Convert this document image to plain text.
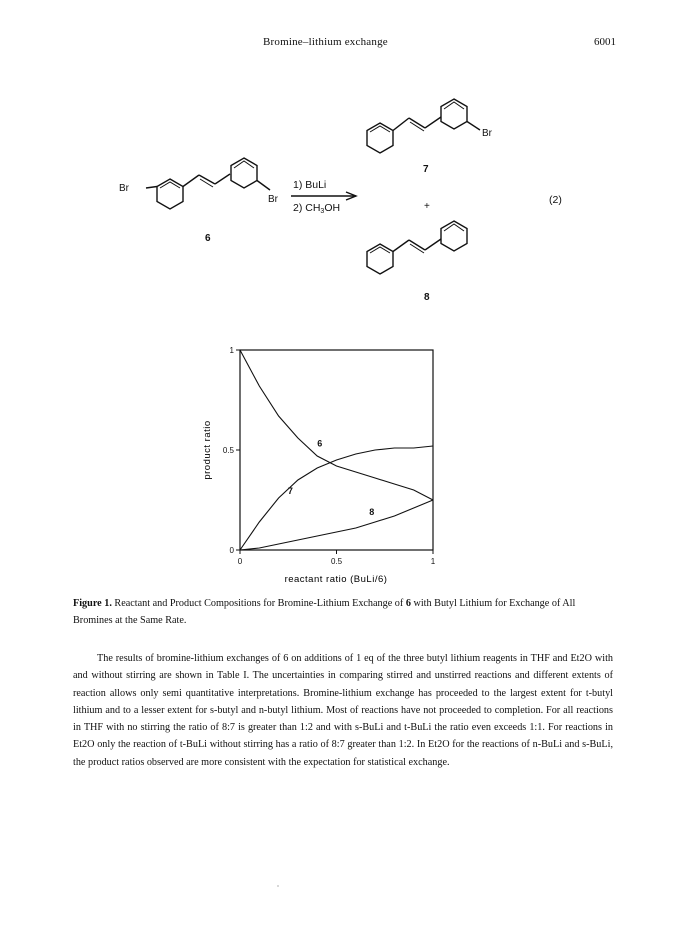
Bromine–lithium exchange	6001
Br
Br
Br
6
7
+
8
1) BuLi
2) CH3OH
(2)
0	0.5	1
0
0.5
1
6
7
8
reactant ratio (BuLi/6)
product ratio
Figure 1. Reactant and Product Compositions for Bromine-Lithium Exchange of 6 with Butyl Lithium for Exchange of All Bromines at the Same Rate.

The results of bromine-lithium exchanges of 6 on additions of 1 eq of the three butyl lithium reagents in THF and Et2O with and without stirring are shown in Table I. The uncertainties in comparing stirred and unstirred reactions and different extents of reaction allows only semi quantitative interpretations. Bromine-lithium exchange has proceeded to the largest extent for t-butyl lithium and to a lesser extent for s-butyl and n-butyl lithium. Most of reactions have not proceeded to completion. For all reactions in THF with no stirring the ratio of 8:7 is greater than 1:2 and with s-BuLi and t-BuLi the ratio even exceeds 1:1. For reactions in Et2O only the reaction of t-BuLi without stirring has a ratio of 8:7 greater than 1:2. In Et2O for the reactions of n-BuLi and s-BuLi, the product ratios observed are more consistent with the expectation for statistical exchange.
